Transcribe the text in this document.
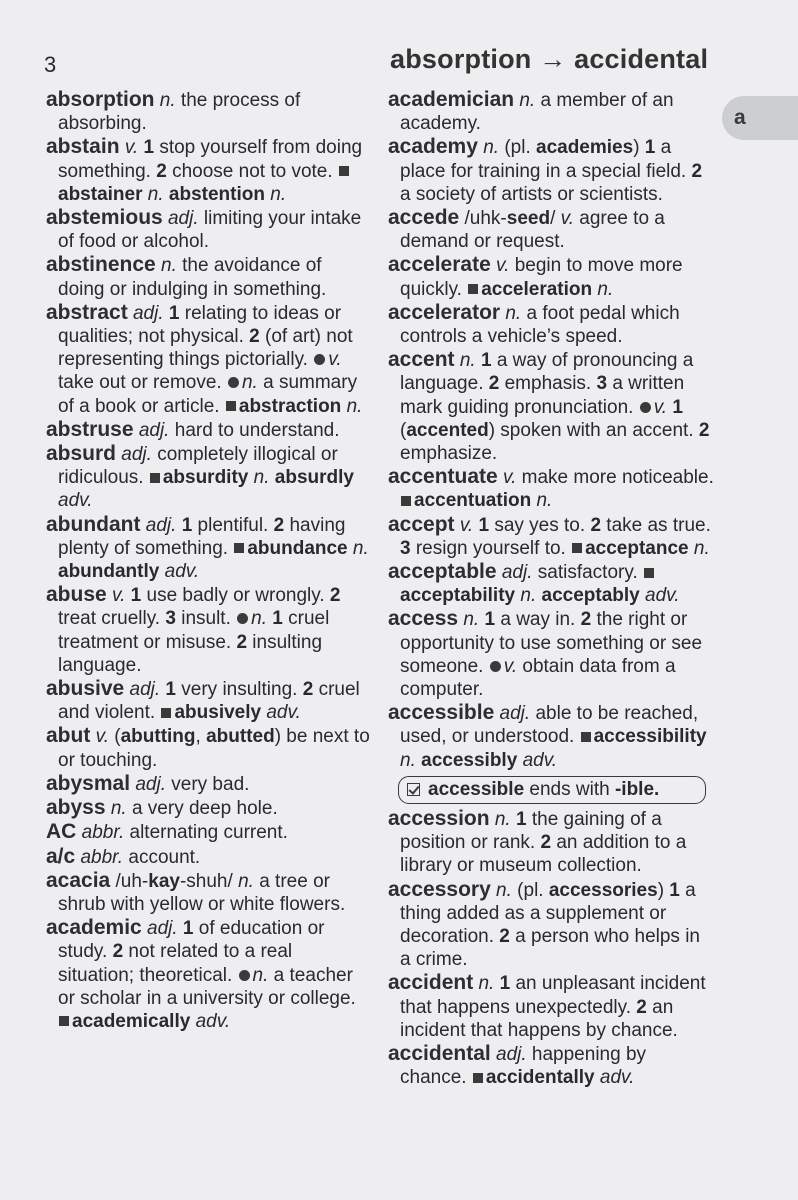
3	absorption → accidental
a
absorption n. the process of absorbing.
abstain v. 1 stop yourself from doing something. 2 choose not to vote. abstainer n. abstention n.
abstemious adj. limiting your intake of food or alcohol.
abstinence n. the avoidance of doing or indulging in something.
abstract adj. 1 relating to ideas or qualities; not physical. 2 (of art) not representing things pictorially. v. take out or remove. n. a summary of a book or article. abstraction n.
abstruse adj. hard to understand.
absurd adj. completely illogical or ridiculous. absurdity n. absurdly adv.
abundant adj. 1 plentiful. 2 having plenty of something. abundance n. abundantly adv.
abuse v. 1 use badly or wrongly. 2 treat cruelly. 3 insult. n. 1 cruel treatment or misuse. 2 insulting language.
abusive adj. 1 very insulting. 2 cruel and violent. abusively adv.
abut v. (abutting, abutted) be next to or touching.
abysmal adj. very bad.
abyss n. a very deep hole.
AC abbr. alternating current.
a/c abbr. account.
acacia /uh-kay-shuh/ n. a tree or shrub with yellow or white flowers.
academic adj. 1 of education or study. 2 not related to a real situation; theoretical. n. a teacher or scholar in a university or college. academically adv.
academician n. a member of an academy.
academy n. (pl. academies) 1 a place for training in a special field. 2 a society of artists or scientists.
accede /uhk-seed/ v. agree to a demand or request.
accelerate v. begin to move more quickly. acceleration n.
accelerator n. a foot pedal which controls a vehicle’s speed.
accent n. 1 a way of pronouncing a language. 2 emphasis. 3 a written mark guiding pronunciation. v. 1 (accented) spoken with an accent. 2 emphasize.
accentuate v. make more noticeable. accentuation n.
accept v. 1 say yes to. 2 take as true. 3 resign yourself to. acceptance n.
acceptable adj. satisfactory. acceptability n. acceptably adv.
access n. 1 a way in. 2 the right or opportunity to use something or see someone. v. obtain data from a computer.
accessible adj. able to be reached, used, or understood. accessibility n. accessibly adv.
accessible ends with -ible.
accession n. 1 the gaining of a position or rank. 2 an addition to a library or museum collection.
accessory n. (pl. accessories) 1 a thing added as a supplement or decoration. 2 a person who helps in a crime.
accident n. 1 an unpleasant incident that happens unexpectedly. 2 an incident that happens by chance.
accidental adj. happening by chance. accidentally adv.
